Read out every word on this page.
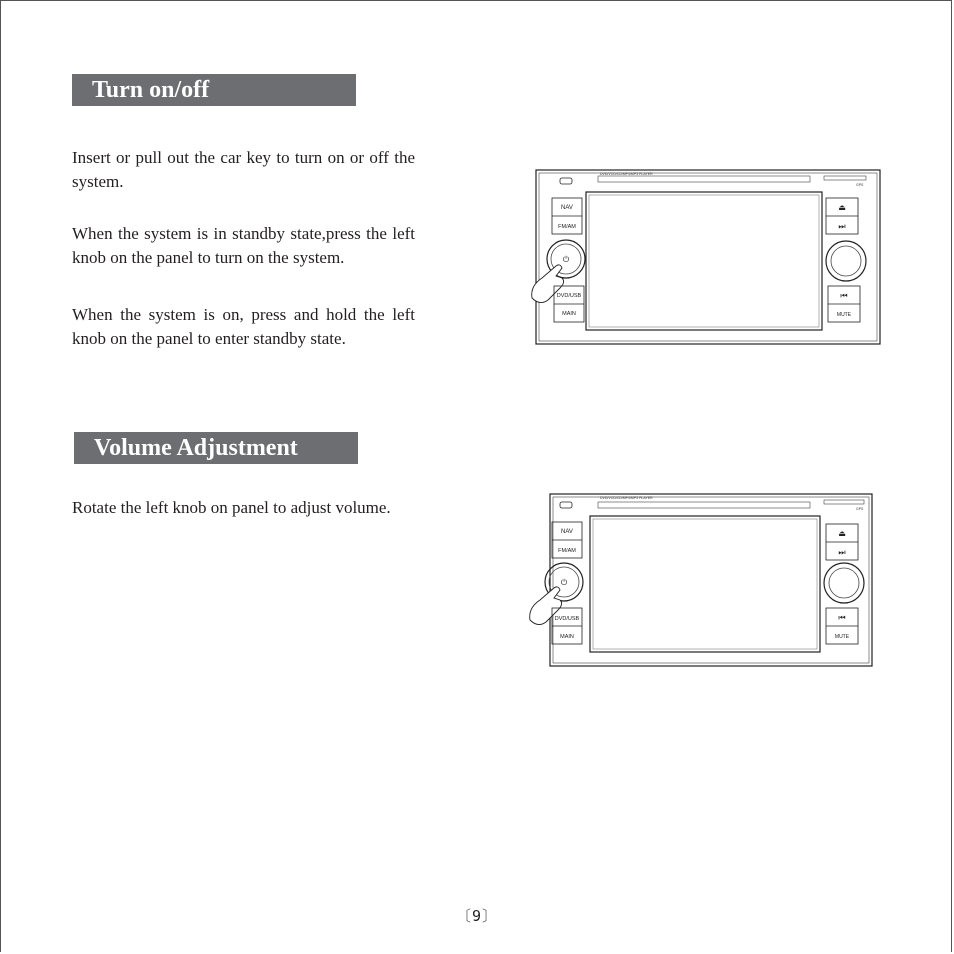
Turn on/off

Insert or pull out the car key to turn on or off the system.

When the system is in standby state,press the left knob on the panel to turn on the system.

When the system is on, press and hold the left knob on the panel to enter standby state.

Volume Adjustment

Rotate the left knob on panel to adjust volume.

DVD/VCD/CD/MP4/MP3 PLAYER
GPS
NAV
FM/AM
⏻
DVD/USB
MAIN
⏏
⏭
⏮
MUTE
DVD/VCD/CD/MP4/MP3 PLAYER
GPS
NAV
FM/AM
⏻
DVD/USB
MAIN
⏏
⏭
⏮
MUTE
〔9〕
